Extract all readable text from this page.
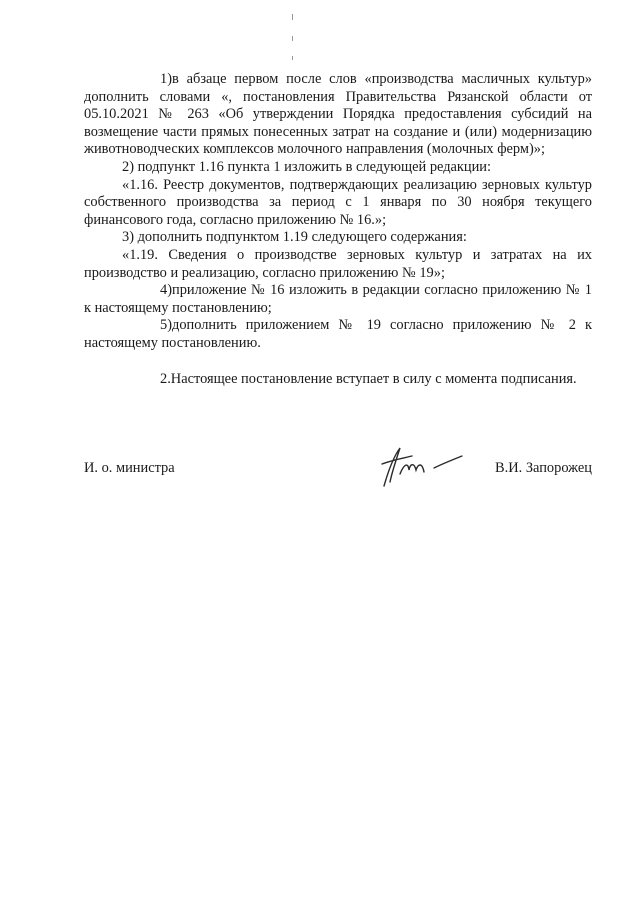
1)в абзаце первом после слов «производства масличных культур» дополнить словами «, постановления Правительства Рязанской области от 05.10.2021 № 263 «Об утверждении Порядка предоставления субсидий на возмещение части прямых понесенных затрат на создание и (или) модернизацию животноводческих комплексов молочного направления (молочных ферм)»;

2) подпункт 1.16 пункта 1 изложить в следующей редакции:

«1.16. Реестр документов, подтверждающих реализацию зерновых культур собственного производства за период с 1 января по 30 ноября текущего финансового года, согласно приложению № 16.»;

3) дополнить подпунктом 1.19 следующего содержания:

«1.19. Сведения о производстве зерновых культур и затратах на их производство и реализацию, согласно приложению № 19»;

4)приложение № 16 изложить в редакции согласно приложению № 1 к настоящему постановлению;

5)дополнить приложением № 19 согласно приложению № 2 к настоящему постановлению.

2.Настоящее постановление вступает в силу с момента подписания.

И. о. министра	В.И. Запорожец
